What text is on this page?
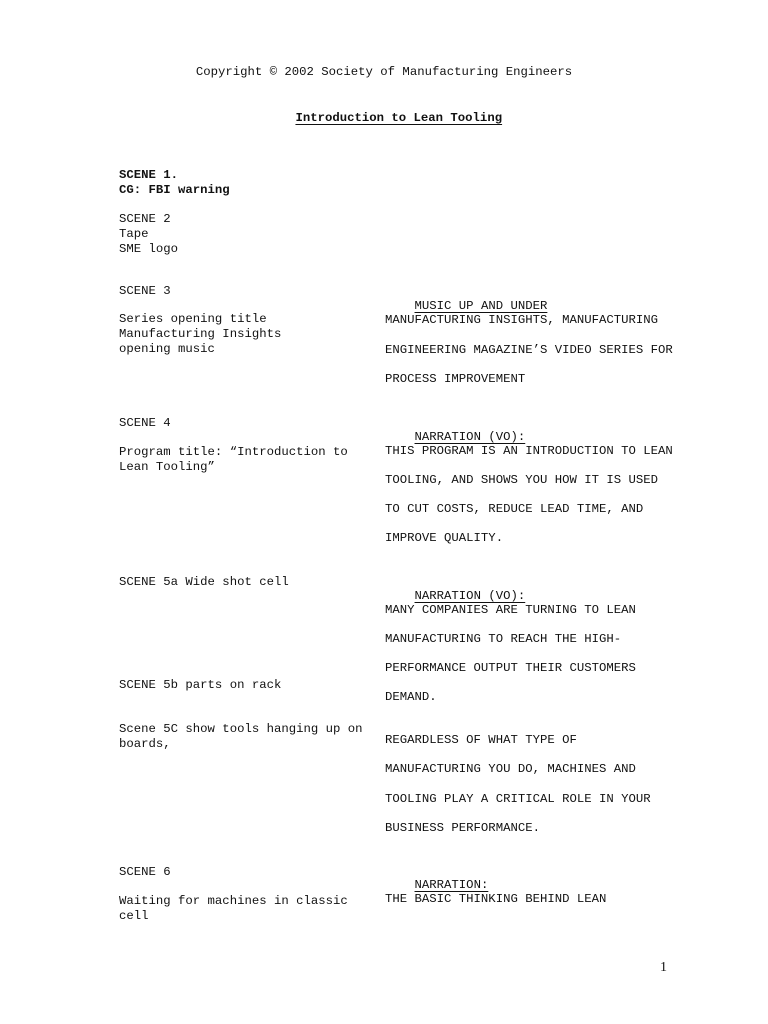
Copyright © 2002 Society of Manufacturing Engineers

Introduction to Lean Tooling

SCENE 1.
CG: FBI warning
SCENE 2
Tape
SME logo
SCENE 3

MUSIC UP AND UNDER

Series opening title
Manufacturing Insights
opening music
MANUFACTURING INSIGHTS, MANUFACTURING
ENGINEERING MAGAZINE’S VIDEO SERIES FOR
PROCESS IMPROVEMENT
SCENE 4

NARRATION (VO):

Program title: “Introduction to
Lean Tooling”
THIS PROGRAM IS AN INTRODUCTION TO LEAN
TOOLING, AND SHOWS YOU HOW IT IS USED
TO CUT COSTS, REDUCE LEAD TIME, AND
IMPROVE QUALITY.
SCENE 5a Wide shot cell

NARRATION (VO):

MANY COMPANIES ARE TURNING TO LEAN
MANUFACTURING TO REACH THE HIGH-
PERFORMANCE OUTPUT THEIR CUSTOMERS
DEMAND.
SCENE 5b parts on rack
Scene 5C show tools hanging up on
boards,	REGARDLESS OF WHAT TYPE OF
MANUFACTURING YOU DO, MACHINES AND
TOOLING PLAY A CRITICAL ROLE IN YOUR
BUSINESS PERFORMANCE.
SCENE 6

NARRATION:

Waiting for machines in classic
cell
THE BASIC THINKING BEHIND LEAN
1
